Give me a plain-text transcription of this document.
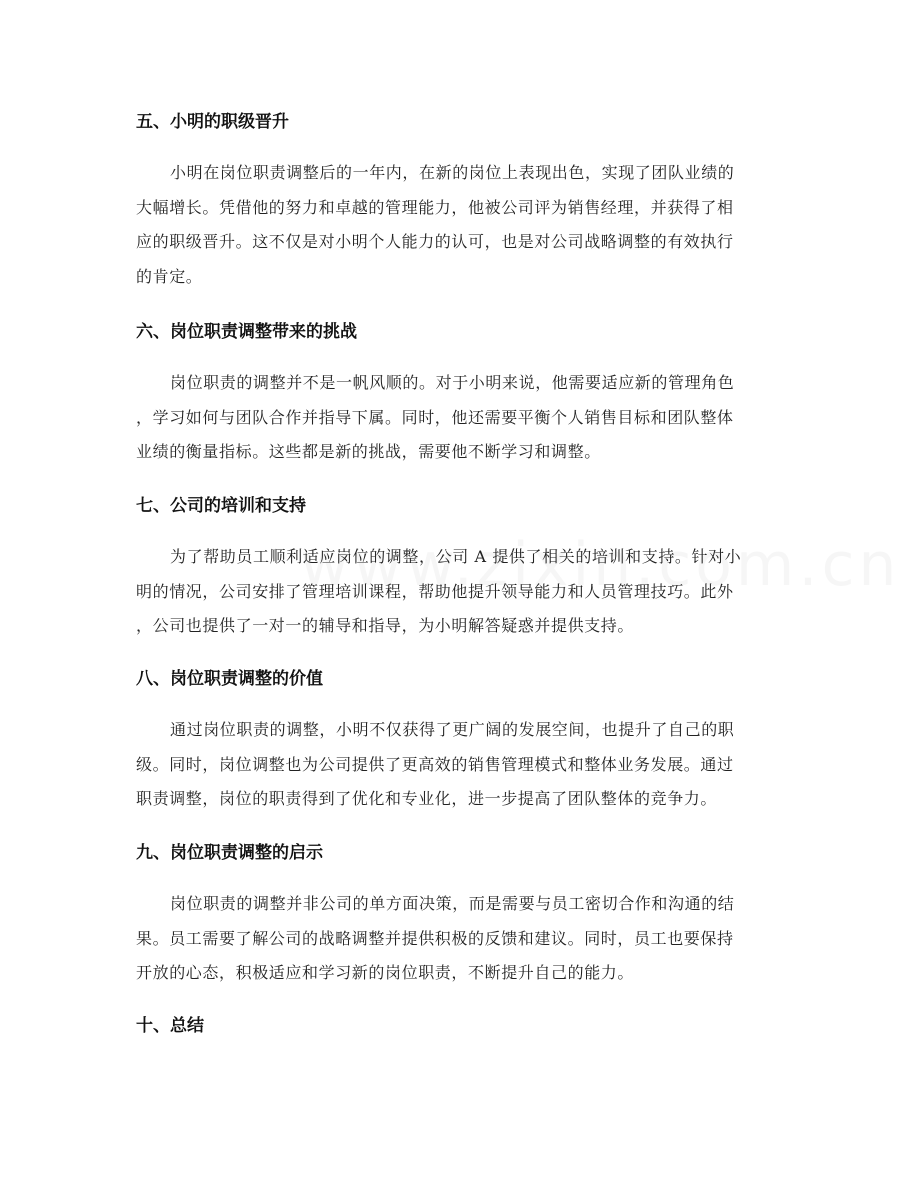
五、小明的职级晋升
小明在岗位职责调整后的一年内，在新的岗位上表现出色，实现了团队业绩的
大幅增长。凭借他的努力和卓越的管理能力，他被公司评为销售经理，并获得了相
应的职级晋升。这不仅是对小明个人能力的认可，也是对公司战略调整的有效执行
的肯定。
六、岗位职责调整带来的挑战
岗位职责的调整并不是一帆风顺的。对于小明来说，他需要适应新的管理角色
，学习如何与团队合作并指导下属。同时，他还需要平衡个人销售目标和团队整体
业绩的衡量指标。这些都是新的挑战，需要他不断学习和调整。
七、公司的培训和支持
为了帮助员工顺利适应岗位的调整，公司 A 提供了相关的培训和支持。针对小
明的情况，公司安排了管理培训课程，帮助他提升领导能力和人员管理技巧。此外
，公司也提供了一对一的辅导和指导，为小明解答疑惑并提供支持。
八、岗位职责调整的价值
通过岗位职责的调整，小明不仅获得了更广阔的发展空间，也提升了自己的职
级。同时，岗位调整也为公司提供了更高效的销售管理模式和整体业务发展。通过
职责调整，岗位的职责得到了优化和专业化，进一步提高了团队整体的竞争力。
九、岗位职责调整的启示
岗位职责的调整并非公司的单方面决策，而是需要与员工密切合作和沟通的结
果。员工需要了解公司的战略调整并提供积极的反馈和建议。同时，员工也要保持
开放的心态，积极适应和学习新的岗位职责，不断提升自己的能力。
十、总结
